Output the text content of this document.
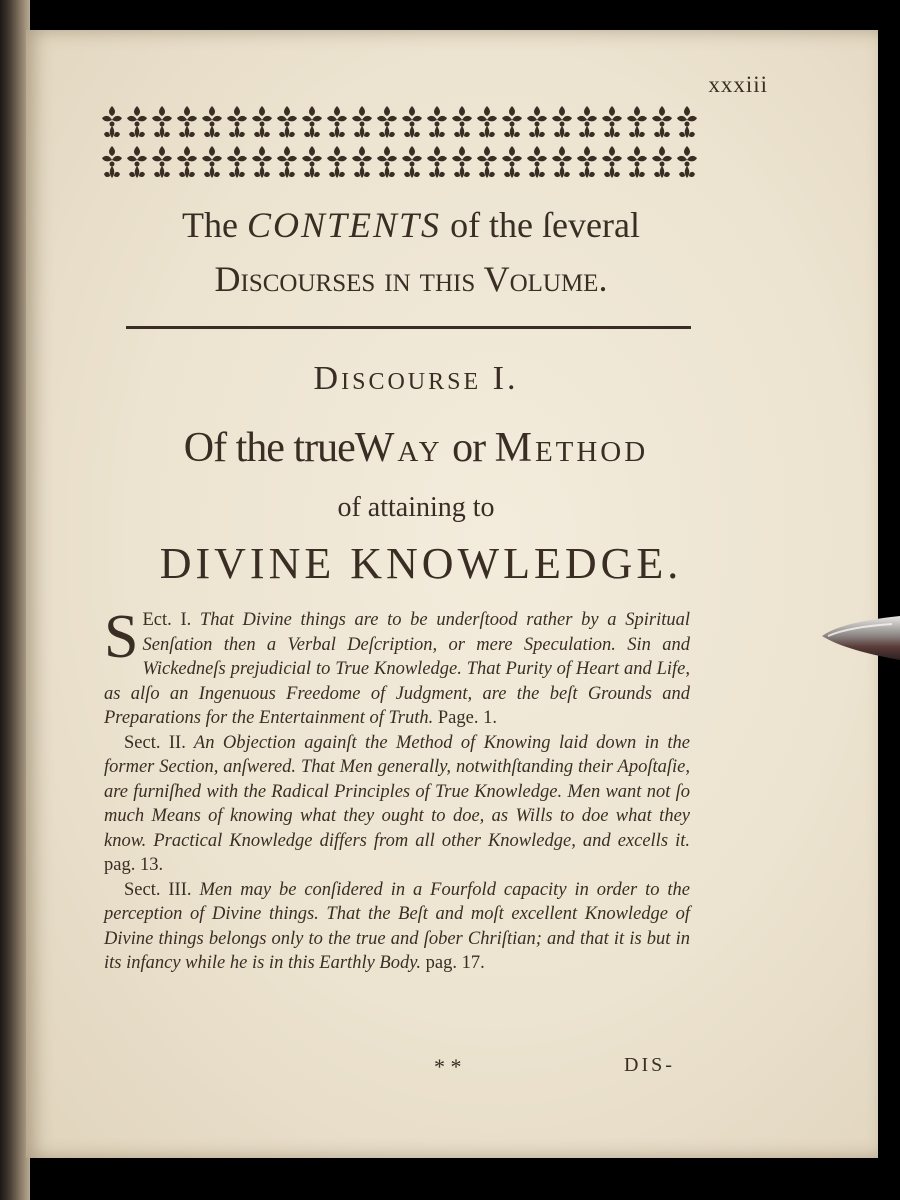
xxxiii
The CONTENTS of the ſeveral
Discourses in this Volume.
Discourse I.
Of the trueWay or Method
of attaining to
DIVINE KNOWLEDGE.

S Ect. I. That Divine things are to be underſtood rather by a Spiritual Senſation then a Verbal Deſcription, or mere Speculation. Sin and Wickedneſs prejudicial to True Knowledge. That Purity of Heart and Life, as alſo an Ingenuous Freedome of Judgment, are the beſt Grounds and Preparations for the Entertainment of Truth. Page. 1.

Sect. II. An Objection againſt the Method of Knowing laid down in the former Section, anſwered. That Men generally, notwithſtanding their Apoſtaſie, are furniſhed with the Radical Principles of True Knowledge. Men want not ſo much Means of knowing what they ought to doe, as Wills to doe what they know. Practical Knowledge differs from all other Knowledge, and excells it. pag. 13.

Sect. III. Men may be conſidered in a Fourfold capacity in order to the perception of Divine things. That the Beſt and moſt excellent Knowledge of Divine things belongs only to the true and ſober Chriſtian; and that it is but in its infancy while he is in this Earthly Body. pag. 17.

* *	DIS-
